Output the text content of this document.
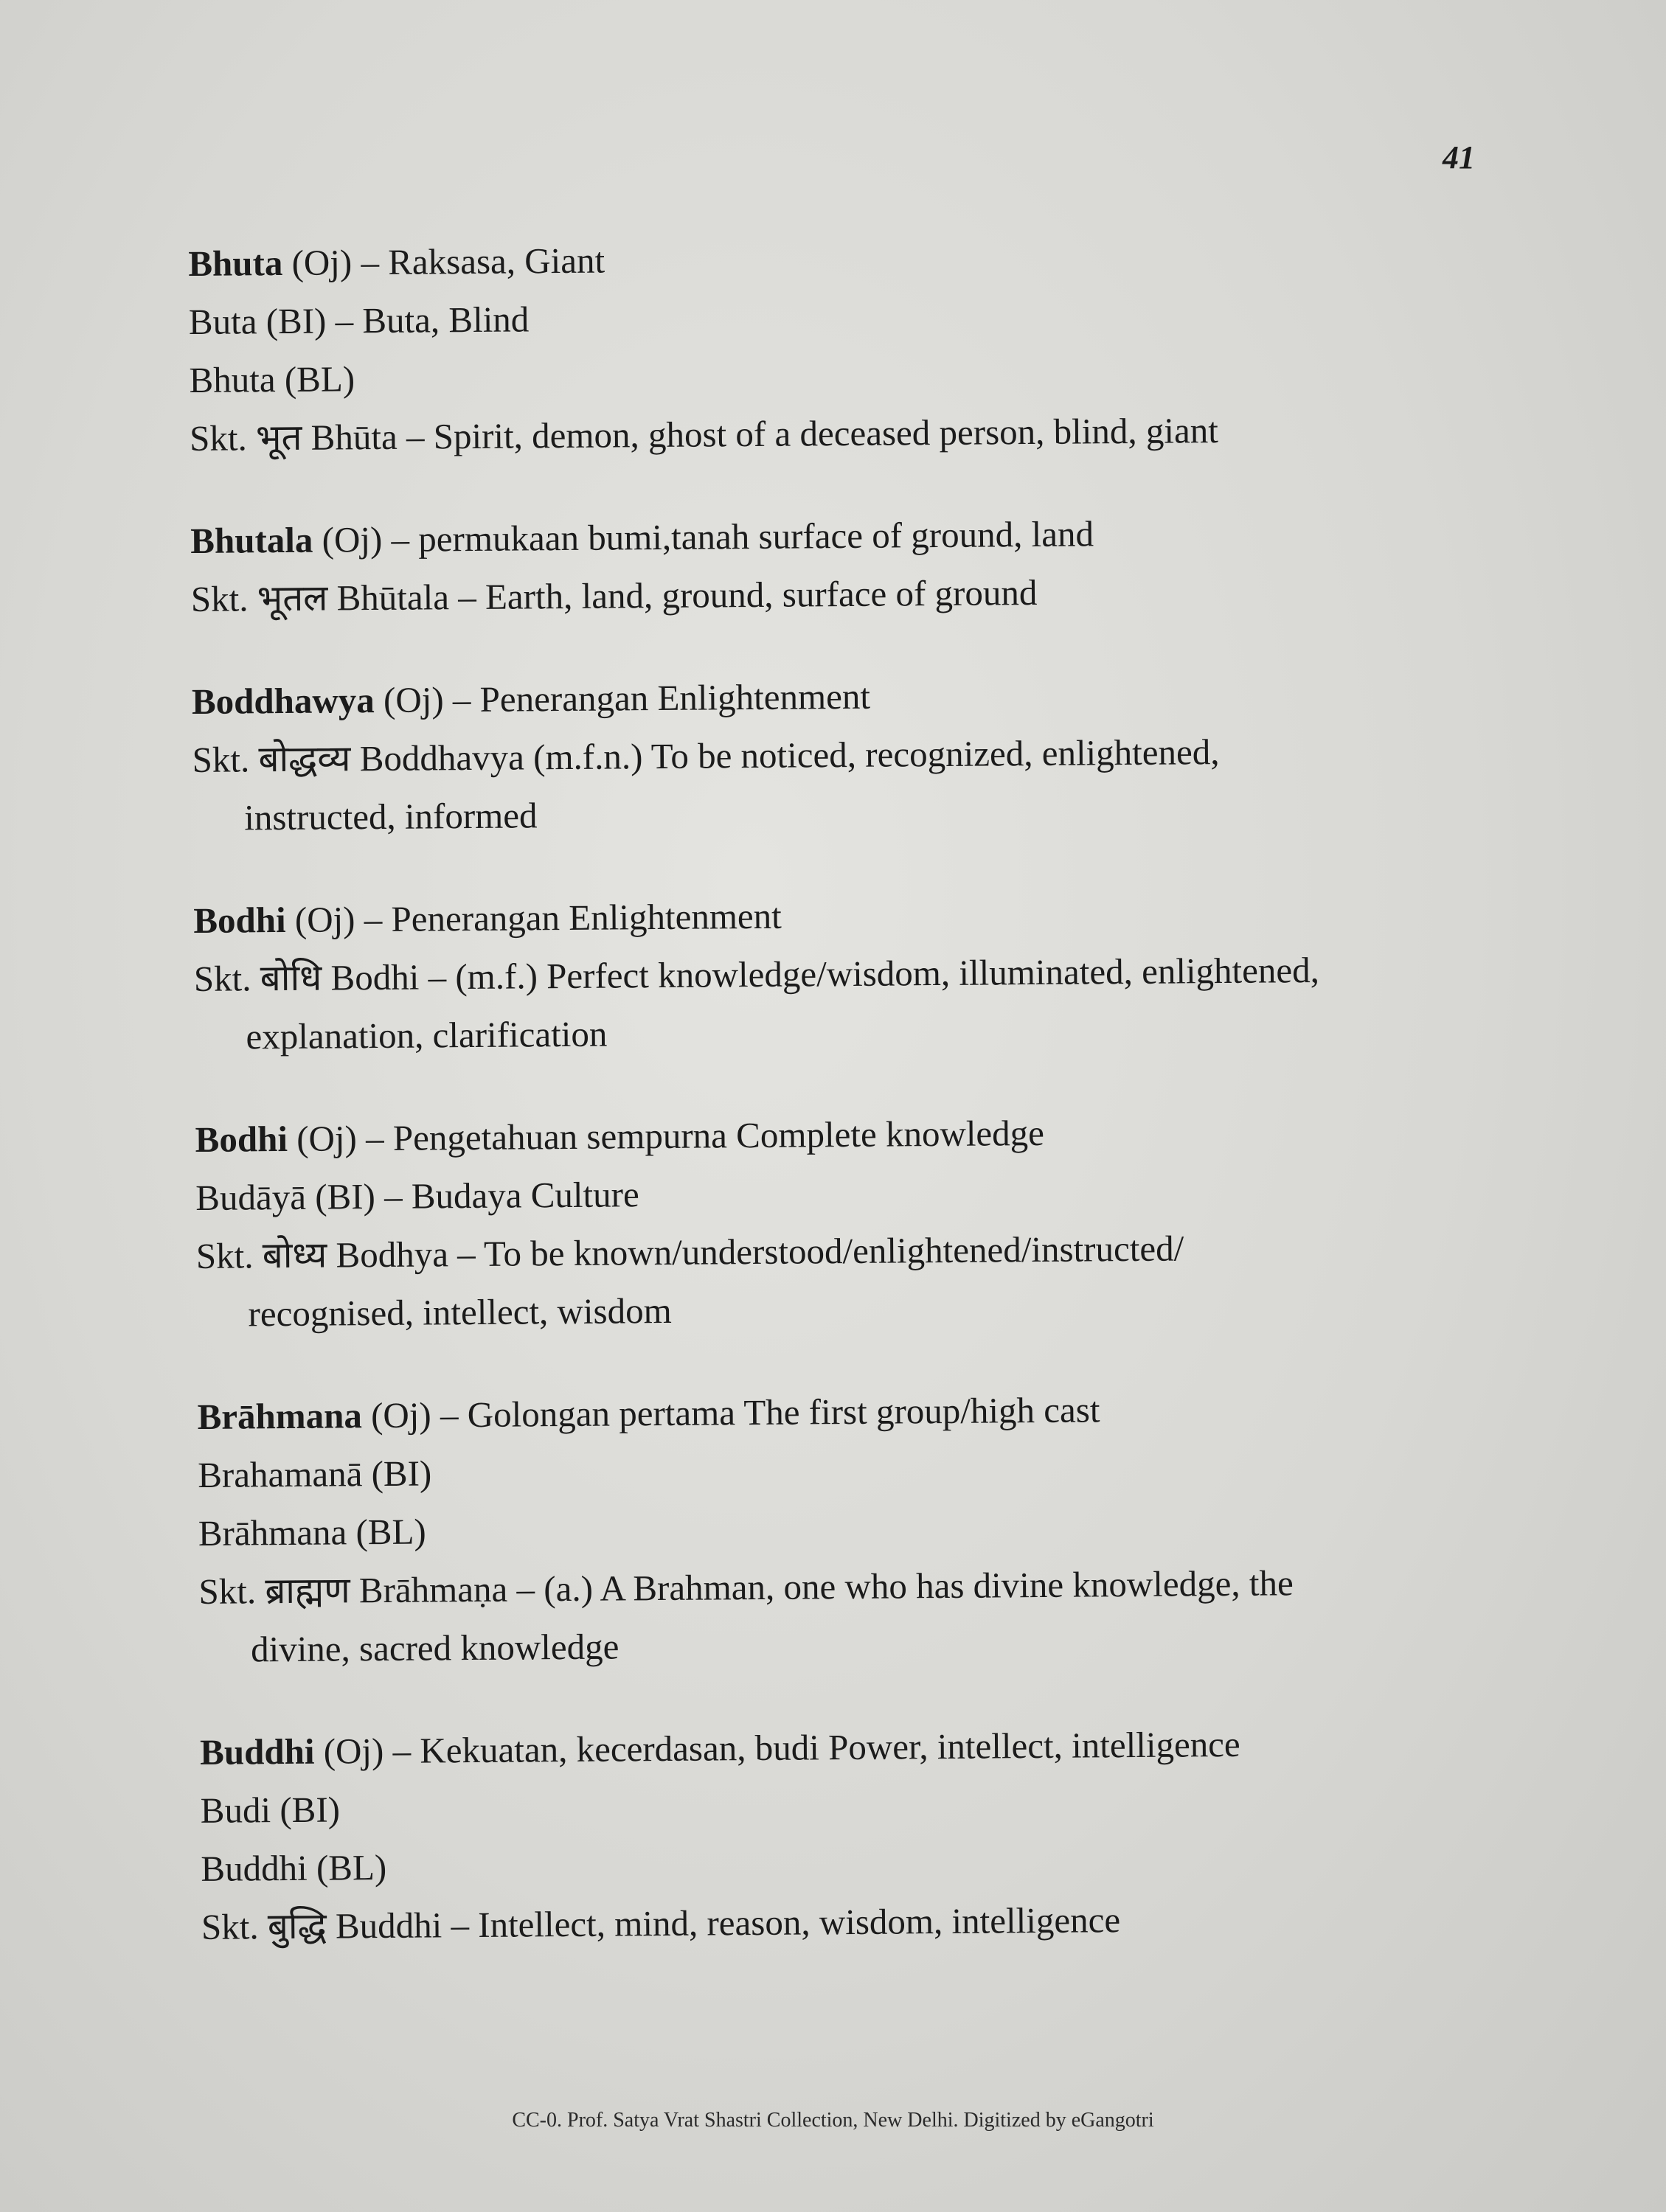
41
Bhuta (Oj) – Raksasa, Giant
Buta (BI) – Buta, Blind
Bhuta (BL)
Skt. भूत Bhūta – Spirit, demon, ghost of a deceased person, blind, giant
Bhutala (Oj) – permukaan bumi,tanah surface of ground, land
Skt. भूतल Bhūtala – Earth, land, ground, surface of ground
Boddhawya (Oj) – Penerangan Enlightenment
Skt. बोद्धव्य Boddhavya (m.f.n.) To be noticed, recognized, enlightened,
instructed, informed
Bodhi (Oj) – Penerangan Enlightenment
Skt. बोधि Bodhi – (m.f.) Perfect knowledge/wisdom, illuminated, enlightened,
explanation, clarification
Bodhi (Oj) – Pengetahuan sempurna Complete knowledge
Budāyā (BI) – Budaya Culture
Skt. बोध्य Bodhya – To be known/understood/enlightened/instructed/
recognised, intellect, wisdom
Brāhmana (Oj) – Golongan pertama The first group/high cast
Brahamanā (BI)
Brāhmana (BL)
Skt. ब्राह्मण Brāhmaṇa – (a.) A Brahman, one who has divine knowledge, the
divine, sacred knowledge
Buddhi (Oj) – Kekuatan, kecerdasan, budi Power, intellect, intelligence
Budi (BI)
Buddhi (BL)
Skt. बुद्धि Buddhi – Intellect, mind, reason, wisdom, intelligence
CC-0. Prof. Satya Vrat Shastri Collection, New Delhi. Digitized by eGangotri
